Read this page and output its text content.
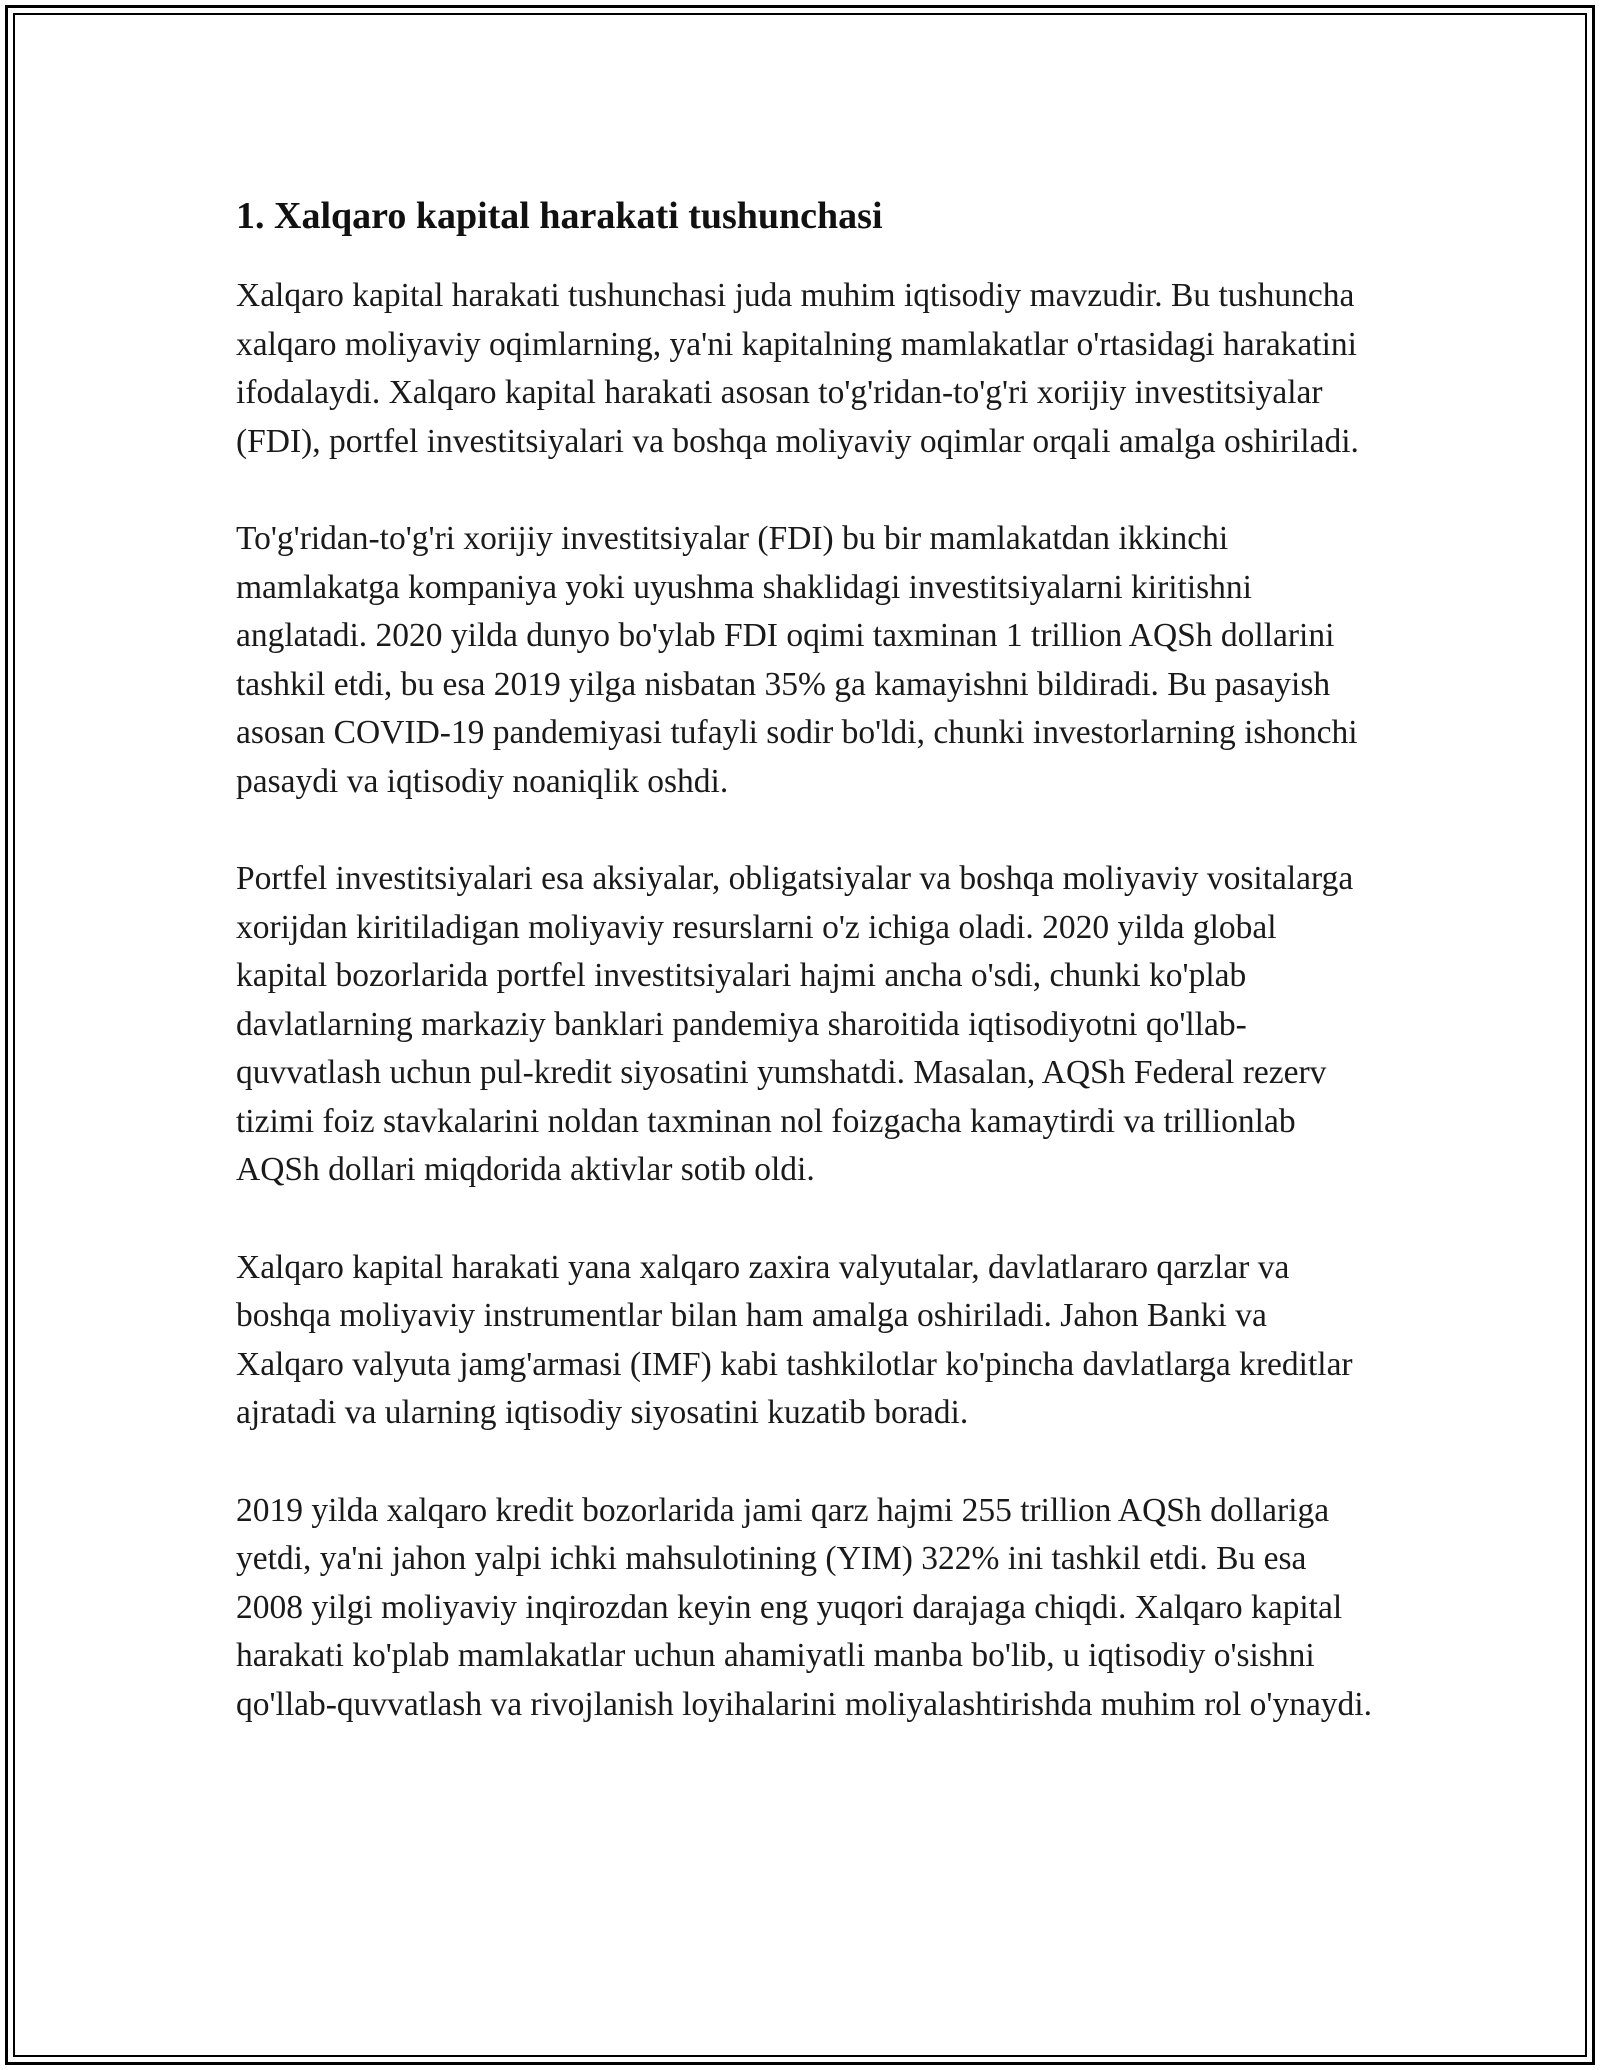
1. Xalqaro kapital harakati tushunchasi

Xalqaro kapital harakati tushunchasi juda muhim iqtisodiy mavzudir. Bu tushuncha xalqaro moliyaviy oqimlarning, ya'ni kapitalning mamlakatlar o'rtasidagi harakatini ifodalaydi. Xalqaro kapital harakati asosan to'g'ridan-to'g'ri xorijiy investitsiyalar (FDI), portfel investitsiyalari va boshqa moliyaviy oqimlar orqali amalga oshiriladi.

To'g'ridan-to'g'ri xorijiy investitsiyalar (FDI) bu bir mamlakatdan ikkinchi mamlakatga kompaniya yoki uyushma shaklidagi investitsiyalarni kiritishni anglatadi. 2020 yilda dunyo bo'ylab FDI oqimi taxminan 1 trillion AQSh dollarini tashkil etdi, bu esa 2019 yilga nisbatan 35% ga kamayishni bildiradi. Bu pasayish asosan COVID-19 pandemiyasi tufayli sodir bo'ldi, chunki investorlarning ishonchi pasaydi va iqtisodiy noaniqlik oshdi.

Portfel investitsiyalari esa aksiyalar, obligatsiyalar va boshqa moliyaviy vositalarga xorijdan kiritiladigan moliyaviy resurslarni o'z ichiga oladi. 2020 yilda global kapital bozorlarida portfel investitsiyalari hajmi ancha o'sdi, chunki ko'plab davlatlarning markaziy banklari pandemiya sharoitida iqtisodiyotni qo'llab-quvvatlash uchun pul-kredit siyosatini yumshatdi. Masalan, AQSh Federal rezerv tizimi foiz stavkalarini noldan taxminan nol foizgacha kamaytirdi va trillionlab AQSh dollari miqdorida aktivlar sotib oldi.

Xalqaro kapital harakati yana xalqaro zaxira valyutalar, davlatlararo qarzlar va boshqa moliyaviy instrumentlar bilan ham amalga oshiriladi. Jahon Banki va Xalqaro valyuta jamg'armasi (IMF) kabi tashkilotlar ko'pincha davlatlarga kreditlar ajratadi va ularning iqtisodiy siyosatini kuzatib boradi.

2019 yilda xalqaro kredit bozorlarida jami qarz hajmi 255 trillion AQSh dollariga yetdi, ya'ni jahon yalpi ichki mahsulotining (YIM) 322% ini tashkil etdi. Bu esa 2008 yilgi moliyaviy inqirozdan keyin eng yuqori darajaga chiqdi. Xalqaro kapital harakati ko'plab mamlakatlar uchun ahamiyatli manba bo'lib, u iqtisodiy o'sishni qo'llab-quvvatlash va rivojlanish loyihalarini moliyalashtirishda muhim rol o'ynaydi.
